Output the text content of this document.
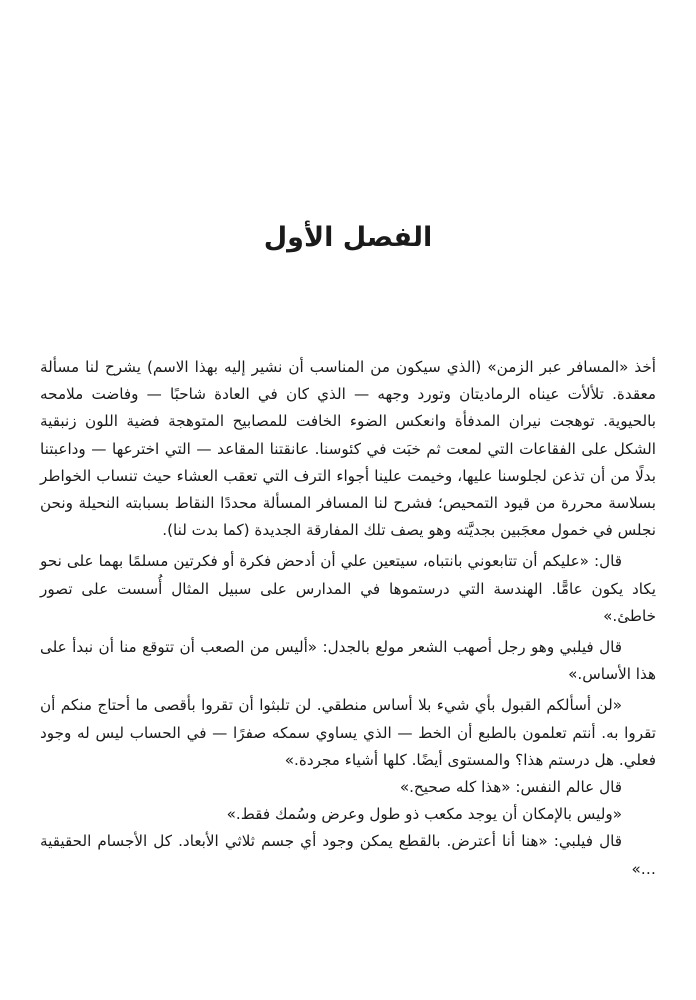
الفصل الأول

أخذ «المسافر عبر الزمن» (الذي سيكون من المناسب أن نشير إليه بهذا الاسم) يشرح لنا مسألة معقدة. تلألأت عيناه الرماديتان وتورد وجهه — الذي كان في العادة شاحبًا — وفاضت ملامحه بالحيوية. توهجت نيران المدفأة وانعكس الضوء الخافت للمصابيح المتوهجة فضية اللون زنبقية الشكل على الفقاعات التي لمعت ثم خبَت في كئوسنا. عانقتنا المقاعد — التي اخترعها — وداعبتنا بدلًا من أن تذعن لجلوسنا عليها، وخيمت علينا أجواء الترف التي تعقب العشاء حيث تنساب الخواطر بسلاسة محررة من قيود التمحيص؛ فشرح لنا المسافر المسألة محددًا النقاط بسبابته النحيلة ونحن نجلس في خمول معجَبين بجديَّته وهو يصف تلك المفارقة الجديدة (كما بدت لنا).

قال: «عليكم أن تتابعوني بانتباه، سيتعين علي أن أدحض فكرة أو فكرتين مسلمًا بهما على نحو يكاد يكون عامًّا. الهندسة التي درستموها في المدارس على سبيل المثال أُسست على تصور خاطئ.»

قال فيلبي وهو رجل أصهب الشعر مولع بالجدل: «أليس من الصعب أن تتوقع منا أن نبدأ على هذا الأساس.»

«لن أسألكم القبول بأي شيء بلا أساس منطقي. لن تلبثوا أن تقروا بأقصى ما أحتاج منكم أن تقروا به. أنتم تعلمون بالطبع أن الخط — الذي يساوي سمكه صفرًا — في الحساب ليس له وجود فعلي. هل درستم هذا؟ والمستوى أيضًا. كلها أشياء مجردة.»

قال عالم النفس: «هذا كله صحيح.»

«وليس بالإمكان أن يوجد مكعب ذو طول وعرض وسُمك فقط.»

قال فيلبي: «هنا أنا أعترض. بالقطع يمكن وجود أي جسم ثلاثي الأبعاد. كل الأجسام الحقيقية …»
